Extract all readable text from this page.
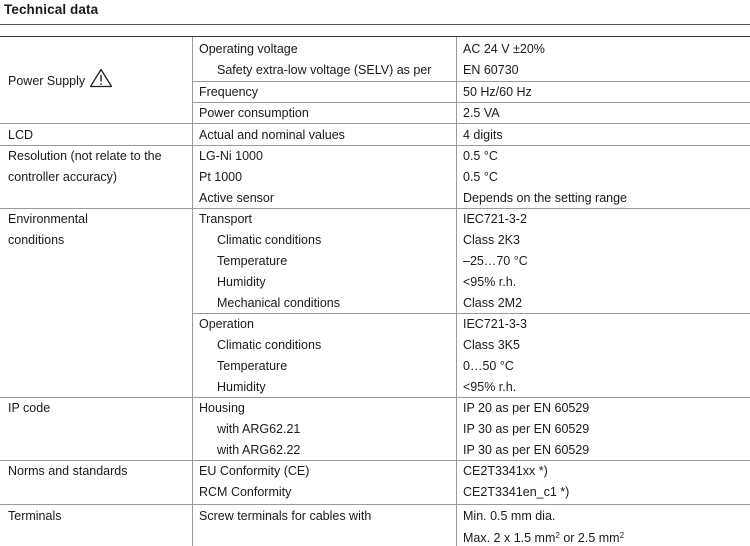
Technical data
Power Supply
LCD
Resolution (not relate to the
controller accuracy)
Environmental
conditions
IP code
Norms and standards
Terminals
Operating voltage
Safety extra-low voltage (SELV) as per
Frequency
Power consumption
Actual and nominal values
LG-Ni 1000
Pt 1000
Active sensor
Transport
Climatic conditions
Temperature
Humidity
Mechanical conditions
Operation
Climatic conditions
Temperature
Humidity
Housing
with ARG62.21
with ARG62.22
EU Conformity (CE)
RCM Conformity
Screw terminals for cables with
AC 24 V ±20%
EN 60730
50 Hz/60 Hz
2.5 VA
4 digits
0.5 °C
0.5 °C
Depends on the setting range
IEC721-3-2
Class 2K3
–25…70 °C
<95% r.h.
Class 2M2
IEC721-3-3
Class 3K5
0…50 °C
<95% r.h.
IP 20 as per EN 60529
IP 30 as per EN 60529
IP 30 as per EN 60529
CE2T3341xx *)
CE2T3341en_c1 *)
Min. 0.5 mm dia.
Max. 2 x 1.5 $mm^2$ or 2.5 $mm^2$
